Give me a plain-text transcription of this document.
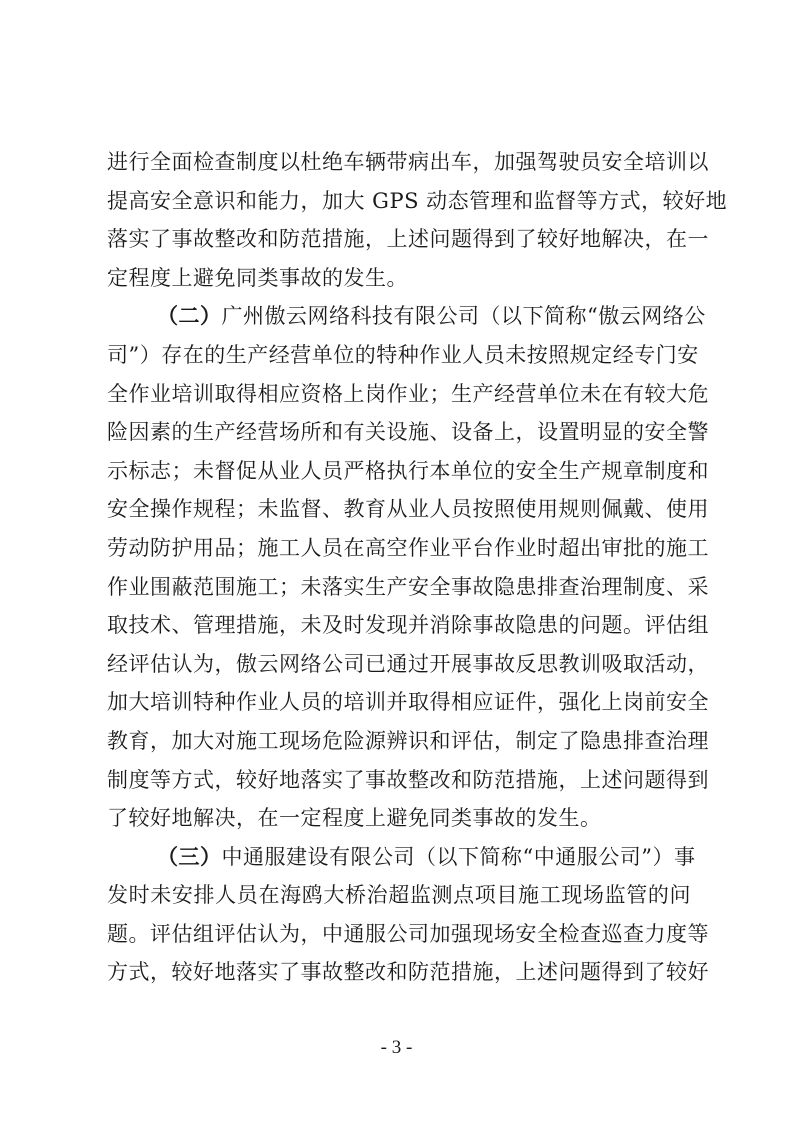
进行全面检查制度以杜绝车辆带病出车，加强驾驶员安全培训以
提高安全意识和能力，加大 GPS 动态管理和监督等方式，较好地
落实了事故整改和防范措施，上述问题得到了较好地解决，在一
定程度上避免同类事故的发生。
（二）广州傲云网络科技有限公司（以下简称“傲云网络公
司”）存在的生产经营单位的特种作业人员未按照规定经专门安
全作业培训取得相应资格上岗作业；生产经营单位未在有较大危
险因素的生产经营场所和有关设施、设备上，设置明显的安全警
示标志；未督促从业人员严格执行本单位的安全生产规章制度和
安全操作规程；未监督、教育从业人员按照使用规则佩戴、使用
劳动防护用品；施工人员在高空作业平台作业时超出审批的施工
作业围蔽范围施工；未落实生产安全事故隐患排查治理制度、采
取技术、管理措施，未及时发现并消除事故隐患的问题。评估组
经评估认为，傲云网络公司已通过开展事故反思教训吸取活动，
加大培训特种作业人员的培训并取得相应证件，强化上岗前安全
教育，加大对施工现场危险源辨识和评估，制定了隐患排查治理
制度等方式，较好地落实了事故整改和防范措施，上述问题得到
了较好地解决，在一定程度上避免同类事故的发生。
（三）中通服建设有限公司（以下简称“中通服公司”）事
发时未安排人员在海鸥大桥治超监测点项目施工现场监管的问
题。评估组评估认为，中通服公司加强现场安全检查巡查力度等
方式，较好地落实了事故整改和防范措施，上述问题得到了较好
- 3 -
